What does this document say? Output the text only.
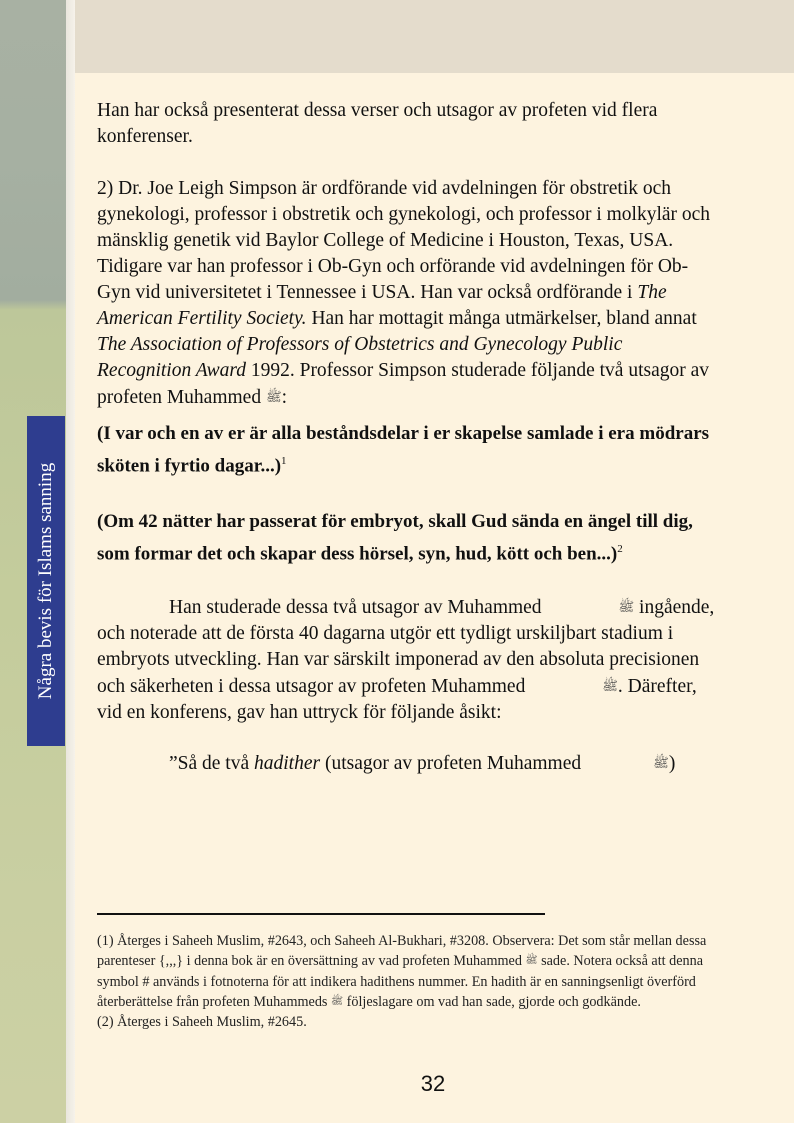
Några bevis för Islams sanning

Han har också presenterat dessa verser och utsagor av profeten vid flera konferenser.

2) Dr. Joe Leigh Simpson är ordförande vid avdelningen för obstretik och gynekologi, professor i obstretik och gynekologi, och professor i molkylär och mänsklig genetik vid Baylor College of Medicine i Houston, Texas, USA. Tidigare var han professor i Ob-Gyn och orförande vid avdelningen för Ob-Gyn vid universitetet i Tennessee i USA. Han var också ordförande i The American Fertility Society. Han har mottagit många utmärkelser, bland annat The Association of Professors of Obstetrics and Gynecology Public Recognition Award 1992. Professor Simpson studerade följande två utsagor av profeten Muhammed ﷺ:

(I var och en av er är alla beståndsdelar i er skapelse samlade i era mödrars sköten i fyrtio dagar...)$^1$

(Om 42 nätter har passerat för embryot, skall Gud sända en ängel till dig, som formar det och skapar dess hörsel, syn, hud, kött och ben...)$^2$

Han studerade dessa två utsagor av Muhammed	ﷺ ingående, och noterade att de första 40 dagarna utgör ett tydligt urskiljbart stadium i embryots utveckling. Han var särskilt imponerad av den absoluta precisionen och säkerheten i dessa utsagor av profeten Muhammed	ﷺ. Därefter, vid en konferens, gav han uttryck för följande åsikt:

”Så de två hadither (utsagor av profeten Muhammed	ﷺ)

(1) Återges i Saheeh Muslim, #2643, och Saheeh Al-Bukhari, #3208. Observera: Det som står mellan dessa parenteser {,,,} i denna bok är en översättning av vad profeten Muhammed ﷺ sade. Notera också att denna symbol # används i fotnoterna för att indikera hadithens nummer. En hadith är en sanningsenligt överförd återberättelse från profeten Muhammeds ﷺ följeslagare om vad han sade, gjorde och godkände.

(2) Återges i Saheeh Muslim, #2645.

32
